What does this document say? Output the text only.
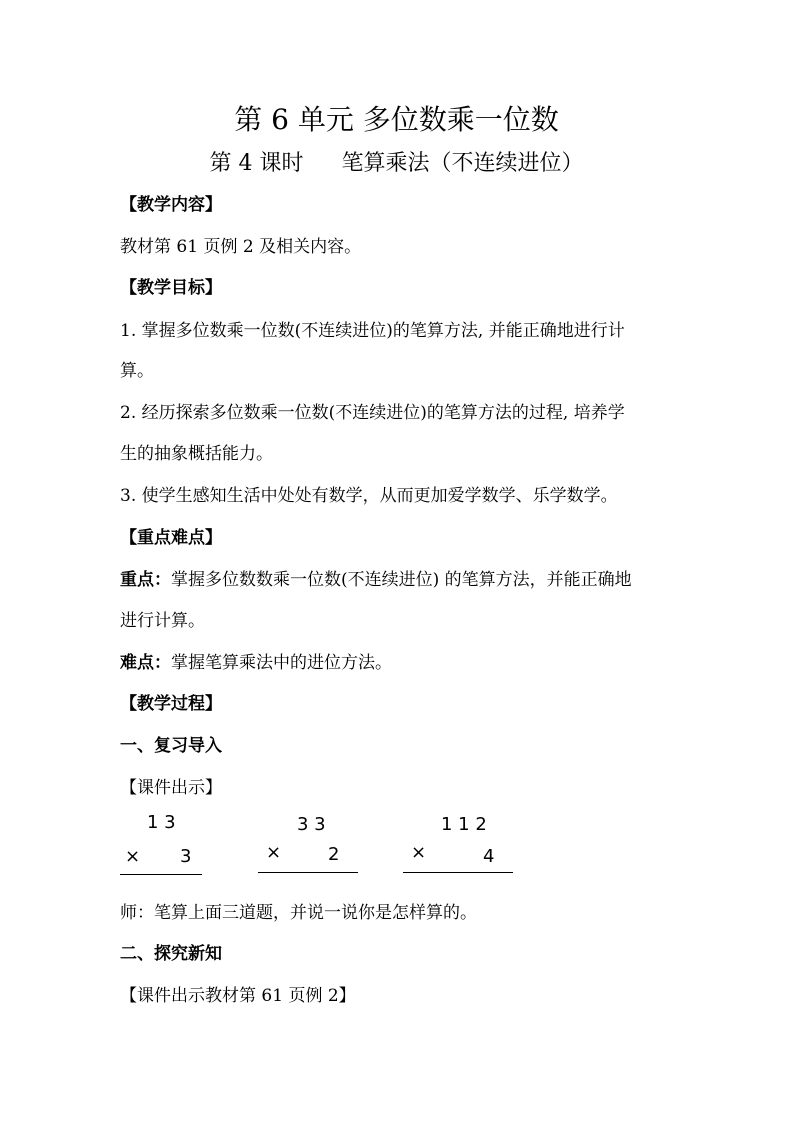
第 6 单元 多位数乘一位数
第 4 课时 笔算乘法（不连续进位）
【教学内容】
教材第 61 页例 2 及相关内容。
【教学目标】
1. 掌握多位数乘一位数(不连续进位)的笔算方法, 并能正确地进行计
算。
2. 经历探索多位数乘一位数(不连续进位)的笔算方法的过程, 培养学
生的抽象概括能力。
3. 使学生感知生活中处处有数学，从而更加爱学数学、乐学数学。
【重点难点】
重点：掌握多位数数乘一位数(不连续进位) 的笔算方法，并能正确地
进行计算。
难点：掌握笔算乘法中的进位方法。
【教学过程】
一、复习导入
【课件出示】
1 3
× 3
3 3
×	2
1 1 2
×	4
师：笔算上面三道题，并说一说你是怎样算的。
二、探究新知
【课件出示教材第 61 页例 2】
